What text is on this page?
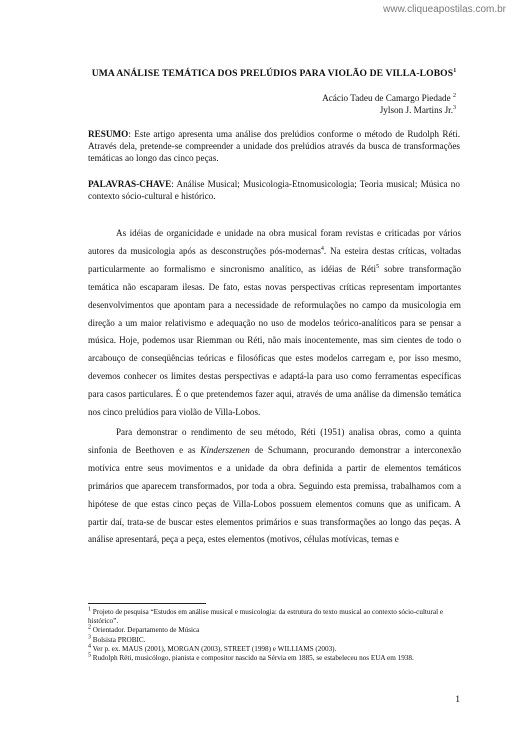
www.cliqueapostilas.com.br
UMA ANÁLISE TEMÁTICA DOS PRELÚDIOS PARA VIOLÃO DE VILLA-LOBOS$^1$
Acácio Tadeu de Camargo Piedade $^2$
Jylson J. Martins Jr.$^3$

RESUMO: Este artigo apresenta uma análise dos prelúdios conforme o método de Rudolph Réti. Através dela, pretende-se compreender a unidade dos prelúdios através da busca de transformações temáticas ao longo das cinco peças.

PALAVRAS-CHAVE: Análise Musical; Musicologia-Etnomusicologia; Teoria musical; Música no contexto sócio-cultural e histórico.

As idéias de organicidade e unidade na obra musical foram revistas e criticadas por vários autores da musicologia após as desconstruções pós-modernas$^4$. Na esteira destas críticas, voltadas particularmente ao formalismo e sincronismo analítico, as idéias de Réti$^5$ sobre transformação temática não escaparam ilesas. De fato, estas novas perspectivas críticas representam importantes desenvolvimentos que apontam para a necessidade de reformulações no campo da musicologia em direção a um maior relativismo e adequação no uso de modelos teórico-analíticos para se pensar a música. Hoje, podemos usar Riemman ou Réti, não mais inocentemente, mas sim cientes de todo o arcabouço de conseqüências teóricas e filosóficas que estes modelos carregam e, por isso mesmo, devemos conhecer os limites destas perspectivas e adaptá-la para uso como ferramentas específicas para casos particulares. É o que pretendemos fazer aqui, através de uma análise da dimensão temática nos cinco prelúdios para violão de Villa-Lobos.

Para demonstrar o rendimento de seu método, Réti (1951) analisa obras, como a quinta sinfonia de Beethoven e as Kinderszenen de Schumann, procurando demonstrar a interconexão motívica entre seus movimentos e a unidade da obra definida a partir de elementos temáticos primários que aparecem transformados, por toda a obra. Seguindo esta premissa, trabalhamos com a hipótese de que estas cinco peças de Villa-Lobos possuem elementos comuns que as unificam. A partir daí, trata-se de buscar estes elementos primários e suas transformações ao longo das peças. A análise apresentará, peça a peça, estes elementos (motivos, células motívicas, temas e

$^1$ Projeto de pesquisa “Estudos em análise musical e musicologia: da estrutura do texto musical ao contexto sócio-cultural e histórico”.
$^2$ Orientador. Departamento de Música
$^3$ Bolsista PROBIC.
$^4$ Ver p. ex. MAUS (2001), MORGAN (2003), STREET (1998) e WILLIAMS (2003).
$^5$ Rudolph Réti, musicólogo, pianista e compositor nascido na Sérvia em 1885, se estabeleceu nos EUA em 1938.
1
